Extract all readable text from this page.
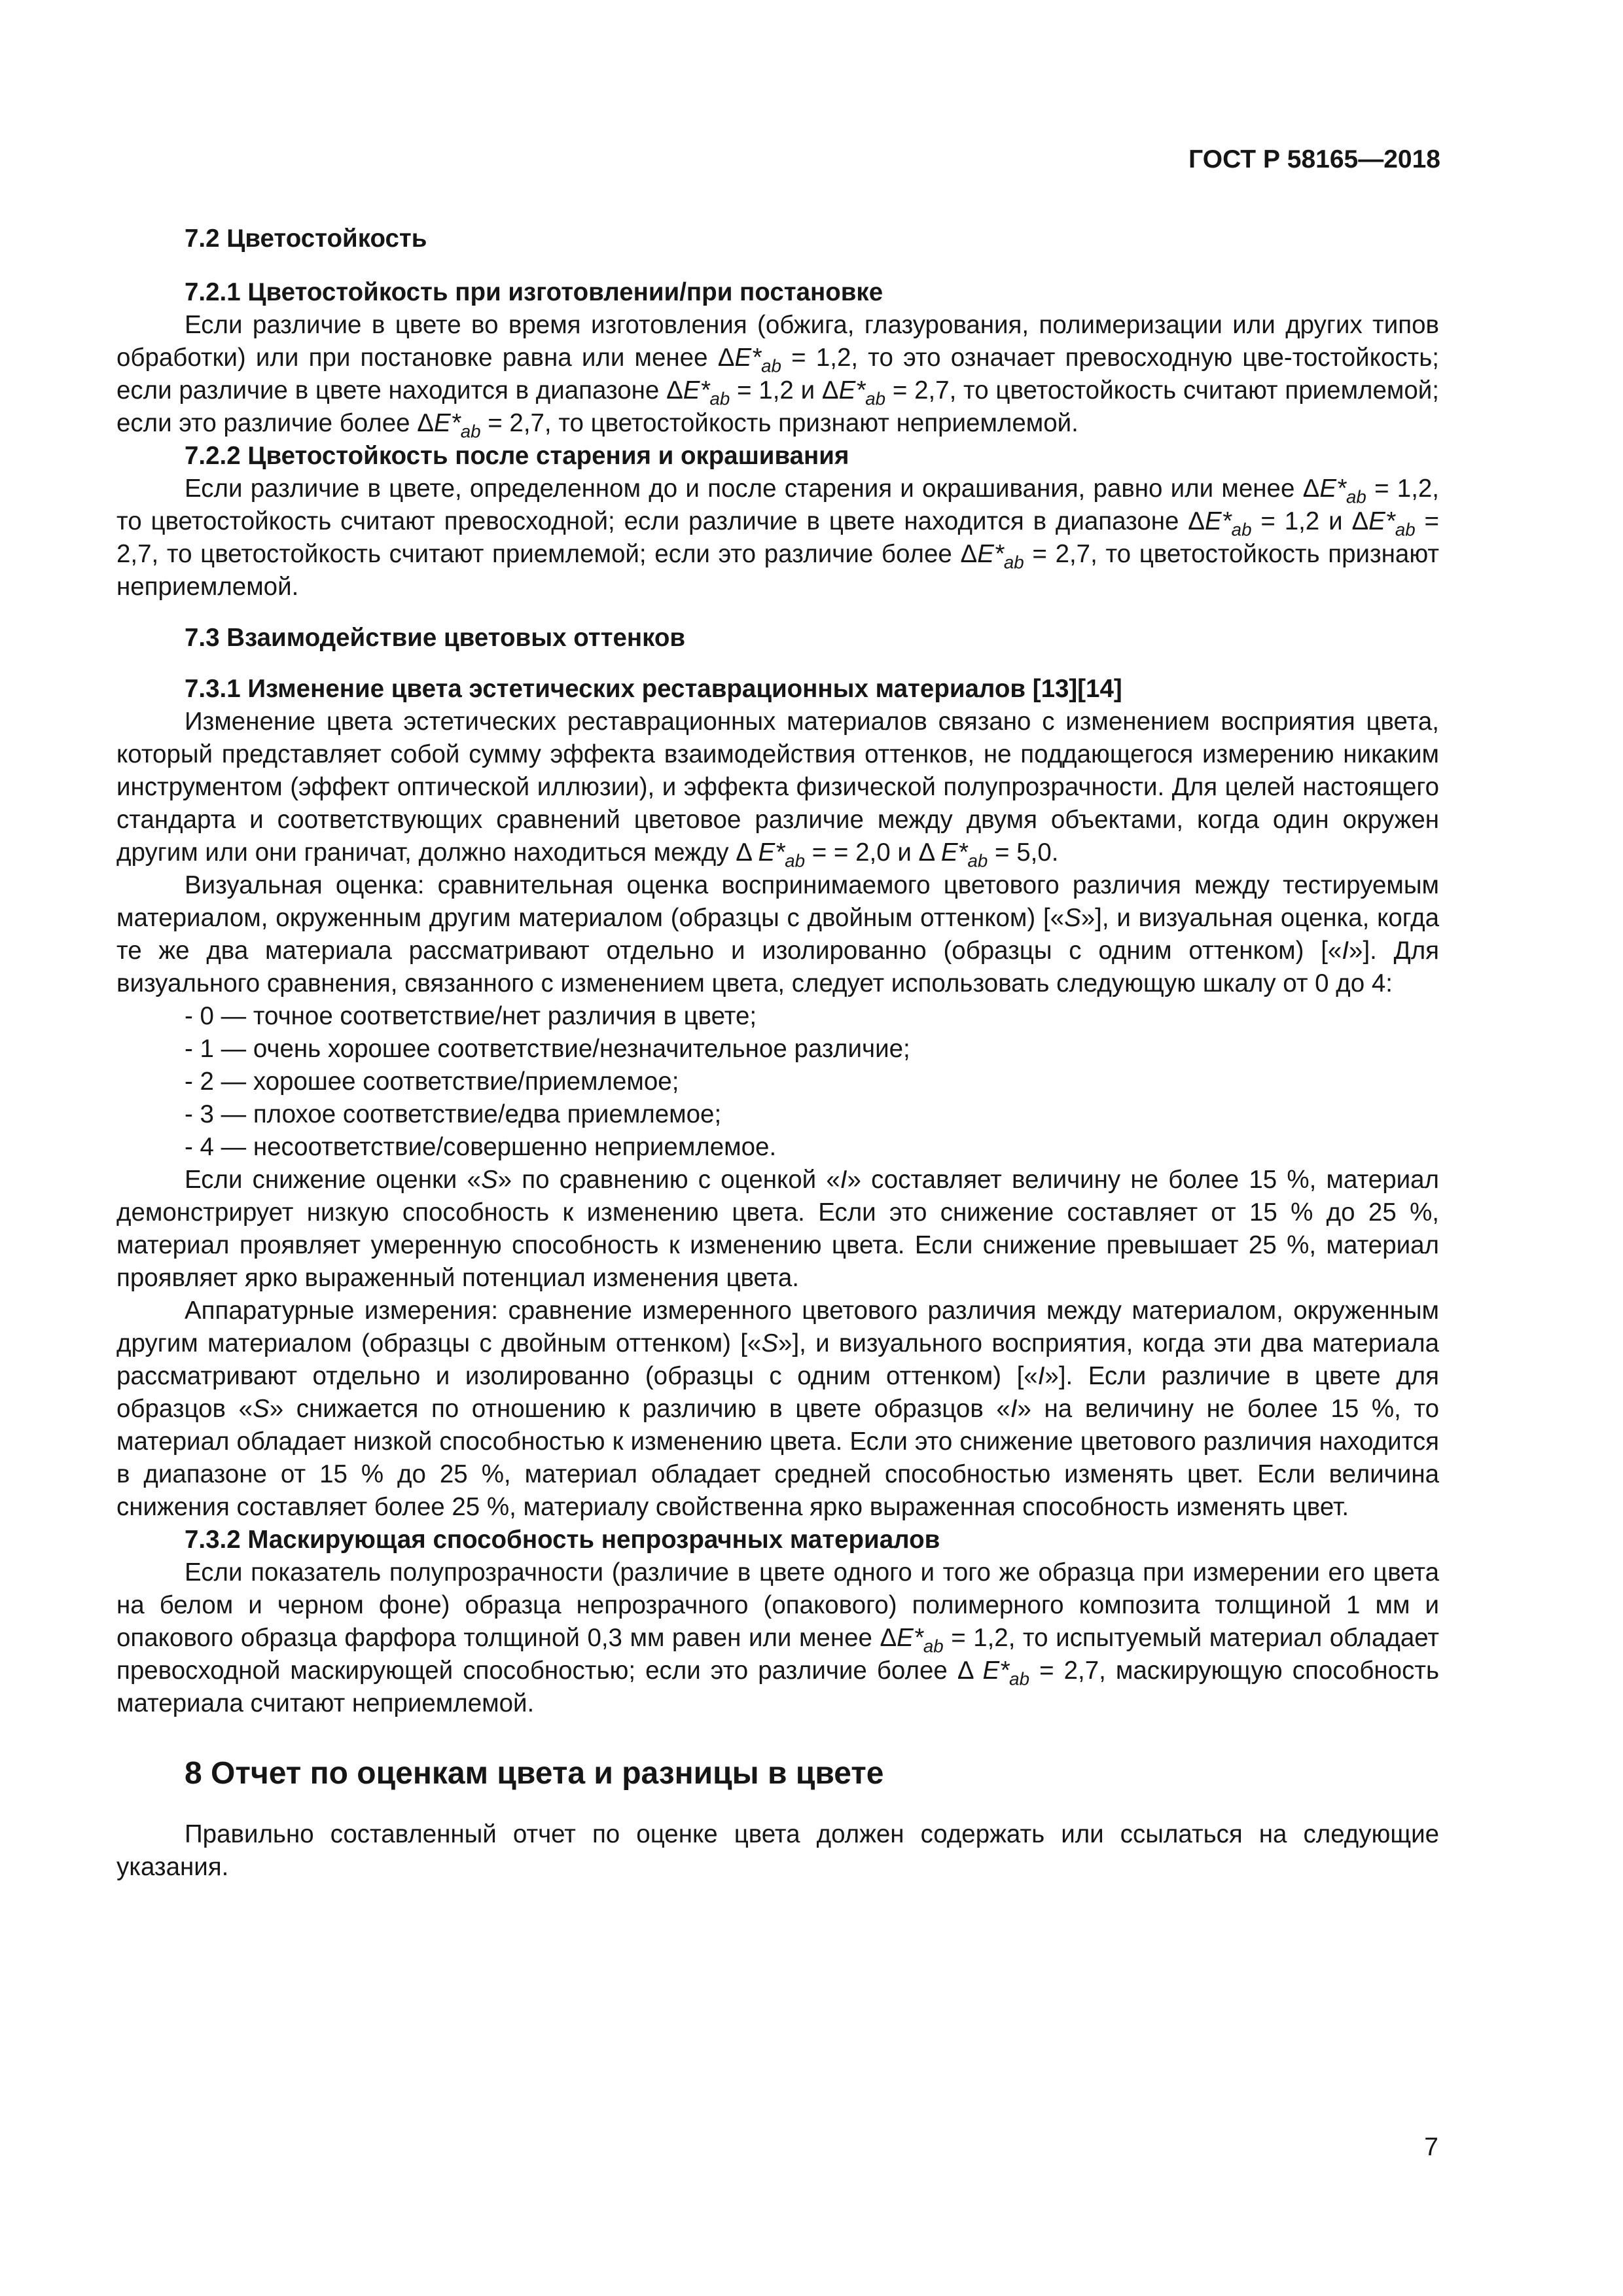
ГОСТ Р 58165—2018
7.2 Цветостойкость
7.2.1 Цветостойкость при изготовлении/при постановке

Если различие в цвете во время изготовления (обжига, глазурования, полимеризации или других типов обработки) или при постановке равна или менее $\Delta E*_{ab} = 1,2$, то это означает превосходную цве-тостойкость; если различие в цвете находится в диапазоне $\Delta E*_{ab} = 1,2$ и $\Delta E*_{ab} = 2,7$, то цветостойкость считают приемлемой; если это различие более $\Delta E*_{ab} = 2,7$, то цветостойкость признают неприемлемой.

7.2.2 Цветостойкость после старения и окрашивания

Если различие в цвете, определенном до и после старения и окрашивания, равно или менее $\Delta E*_{ab} = 1,2$, то цветостойкость считают превосходной; если различие в цвете находится в диапазоне $\Delta E*_{ab} = 1,2$ и $\Delta E*_{ab} = 2,7$, то цветостойкость считают приемлемой; если это различие более $\Delta E*_{ab} = 2,7$, то цветостойкость признают неприемлемой.

7.3 Взаимодействие цветовых оттенков
7.3.1 Изменение цвета эстетических реставрационных материалов [13][14]

Изменение цвета эстетических реставрационных материалов связано с изменением восприятия цвета, который представляет собой сумму эффекта взаимодействия оттенков, не поддающегося измерению никаким инструментом (эффект оптической иллюзии), и эффекта физической полупрозрачности. Для целей настоящего стандарта и соответствующих сравнений цветовое различие между двумя объектами, когда один окружен другим или они граничат, должно находиться между Δ $E*_{ab}$ = = 2,0 и Δ $E*_{ab} = 5,0$.

Визуальная оценка: сравнительная оценка воспринимаемого цветового различия между тестируемым материалом, окруженным другим материалом (образцы с двойным оттенком) [«S»], и визуальная оценка, когда те же два материала рассматривают отдельно и изолированно (образцы с одним оттенком) [«I»]. Для визуального сравнения, связанного с изменением цвета, следует использовать следующую шкалу от 0 до 4:

- 0 — точное соответствие/нет различия в цвете;
- 1 — очень хорошее соответствие/незначительное различие;
- 2 — хорошее соответствие/приемлемое;
- 3 — плохое соответствие/едва приемлемое;
- 4 — несоответствие/совершенно неприемлемое.

Если снижение оценки «S» по сравнению с оценкой «I» составляет величину не более 15 %, материал демонстрирует низкую способность к изменению цвета. Если это снижение составляет от 15 % до 25 %, материал проявляет умеренную способность к изменению цвета. Если снижение превышает 25 %, материал проявляет ярко выраженный потенциал изменения цвета.

Аппаратурные измерения: сравнение измеренного цветового различия между материалом, окруженным другим материалом (образцы с двойным оттенком) [«S»], и визуального восприятия, когда эти два материала рассматривают отдельно и изолированно (образцы с одним оттенком) [«I»]. Если различие в цвете для образцов «S» снижается по отношению к различию в цвете образцов «I» на величину не более 15 %, то материал обладает низкой способностью к изменению цвета. Если это снижение цветового различия находится в диапазоне от 15 % до 25 %, материал обладает средней способностью изменять цвет. Если величина снижения составляет более 25 %, материалу свойственна ярко выраженная способность изменять цвет.

7.3.2 Маскирующая способность непрозрачных материалов

Если показатель полупрозрачности (различие в цвете одного и того же образца при измерении его цвета на белом и черном фоне) образца непрозрачного (опакового) полимерного композита толщиной 1 мм и опакового образца фарфора толщиной 0,3 мм равен или менее $\Delta E*_{ab} = 1,2$, то испытуемый материал обладает превосходной маскирующей способностью; если это различие более Δ $E*_{ab} = 2,7$, маскирующую способность материала считают неприемлемой.

8 Отчет по оценкам цвета и разницы в цвете

Правильно составленный отчет по оценке цвета должен содержать или ссылаться на следующие указания.

7
